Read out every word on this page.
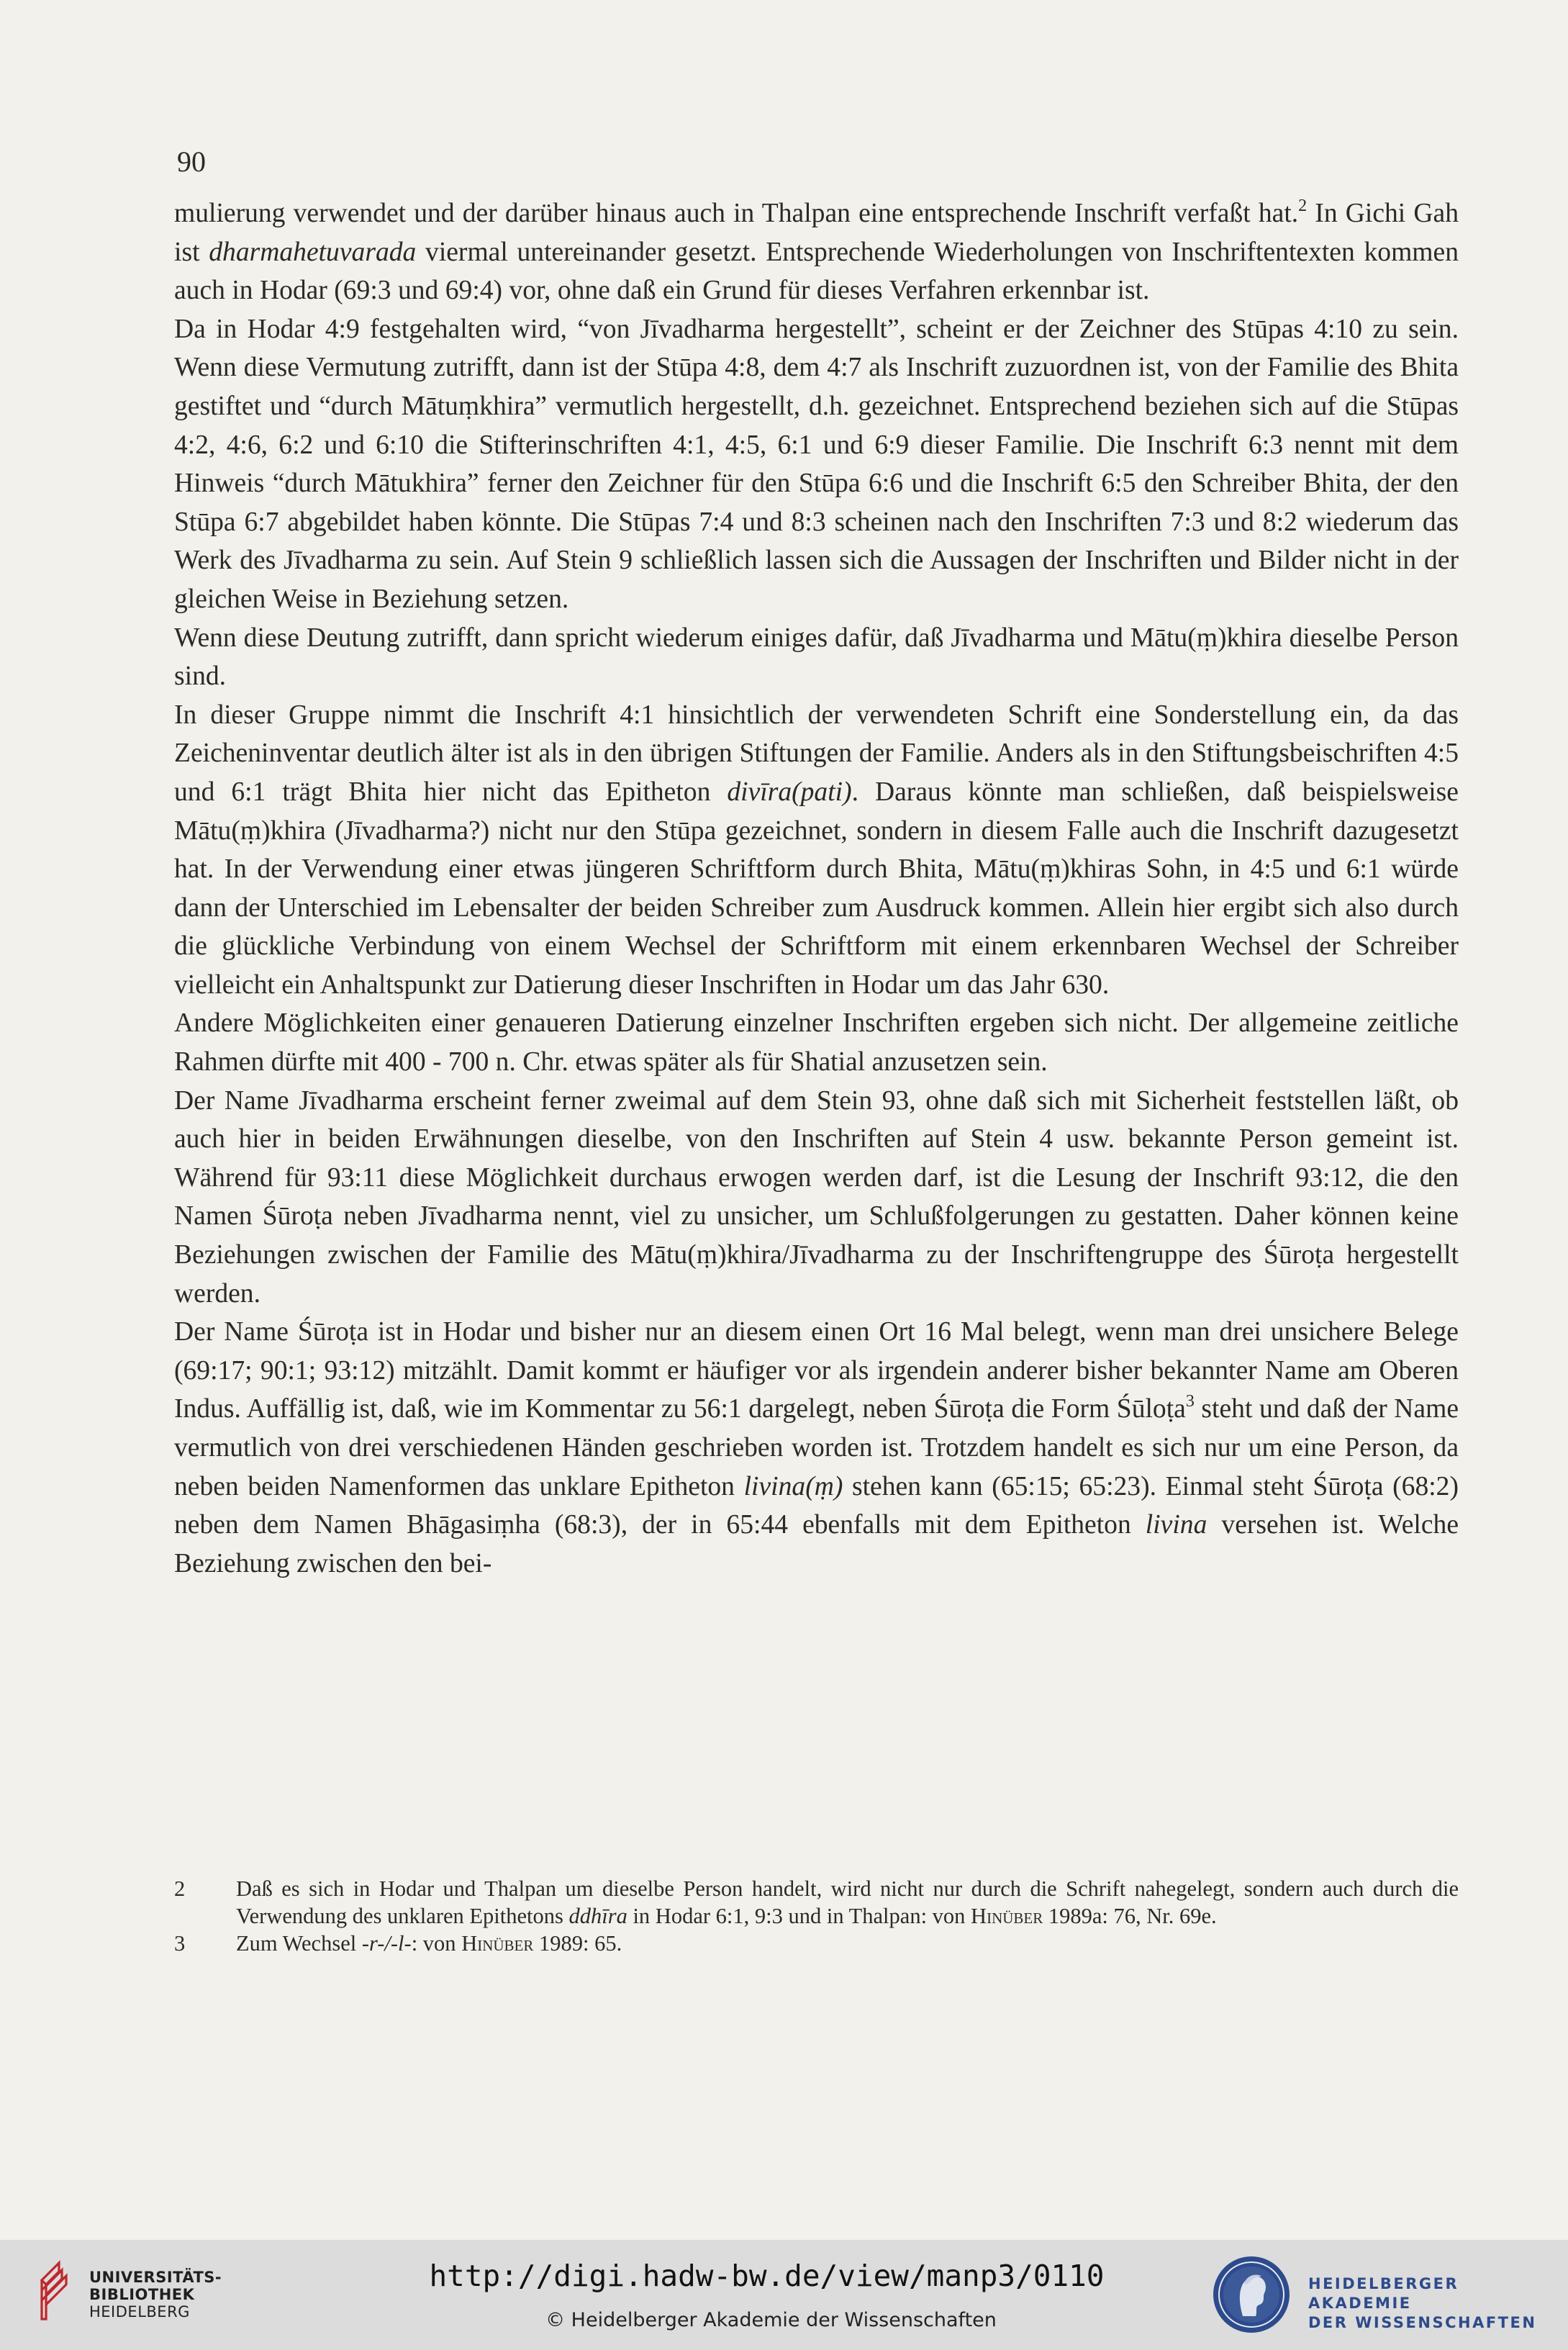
90

mulierung verwendet und der darüber hinaus auch in Thalpan eine entsprechende Inschrift verfaßt hat.$^2$ In Gichi Gah ist dharmahetuvarada viermal untereinander gesetzt. Entsprechende Wiederholungen von Inschriftentexten kommen auch in Hodar (69:3 und 69:4) vor, ohne daß ein Grund für dieses Verfahren erkennbar ist.

Da in Hodar 4:9 festgehalten wird, “von Jīvadharma hergestellt”, scheint er der Zeichner des Stūpas 4:10 zu sein. Wenn diese Vermutung zutrifft, dann ist der Stūpa 4:8, dem 4:7 als Inschrift zuzuordnen ist, von der Familie des Bhita gestiftet und “durch Mātuṃkhira” vermutlich hergestellt, d.h. gezeichnet. Entsprechend beziehen sich auf die Stūpas 4:2, 4:6, 6:2 und 6:10 die Stifterinschriften 4:1, 4:5, 6:1 und 6:9 dieser Familie. Die Inschrift 6:3 nennt mit dem Hinweis “durch Mātukhira” ferner den Zeichner für den Stūpa 6:6 und die Inschrift 6:5 den Schreiber Bhita, der den Stūpa 6:7 abgebildet haben könnte. Die Stūpas 7:4 und 8:3 scheinen nach den Inschriften 7:3 und 8:2 wiederum das Werk des Jīvadharma zu sein. Auf Stein 9 schließlich lassen sich die Aussagen der Inschriften und Bilder nicht in der gleichen Weise in Beziehung setzen.

Wenn diese Deutung zutrifft, dann spricht wiederum einiges dafür, daß Jīvadharma und Mātu(ṃ)khira dieselbe Person sind.

In dieser Gruppe nimmt die Inschrift 4:1 hinsichtlich der verwendeten Schrift eine Sonderstellung ein, da das Zeicheninventar deutlich älter ist als in den übrigen Stiftungen der Familie. Anders als in den Stiftungsbeischriften 4:5 und 6:1 trägt Bhita hier nicht das Epitheton divīra(pati). Daraus könnte man schließen, daß beispielsweise Mātu(ṃ)khira (Jīvadharma?) nicht nur den Stūpa gezeichnet, sondern in diesem Falle auch die Inschrift dazugesetzt hat. In der Verwendung einer etwas jüngeren Schriftform durch Bhita, Mātu(ṃ)khiras Sohn, in 4:5 und 6:1 würde dann der Unterschied im Lebensalter der beiden Schreiber zum Ausdruck kommen. Allein hier ergibt sich also durch die glückliche Verbindung von einem Wechsel der Schriftform mit einem erkennbaren Wechsel der Schreiber vielleicht ein Anhaltspunkt zur Datierung dieser Inschriften in Hodar um das Jahr 630.

Andere Möglichkeiten einer genaueren Datierung einzelner Inschriften ergeben sich nicht. Der allgemeine zeitliche Rahmen dürfte mit 400 - 700 n. Chr. etwas später als für Shatial anzusetzen sein.

Der Name Jīvadharma erscheint ferner zweimal auf dem Stein 93, ohne daß sich mit Sicherheit feststellen läßt, ob auch hier in beiden Erwähnungen dieselbe, von den Inschriften auf Stein 4 usw. bekannte Person gemeint ist. Während für 93:11 diese Möglichkeit durchaus erwogen werden darf, ist die Lesung der Inschrift 93:12, die den Namen Śūroṭa neben Jīvadharma nennt, viel zu unsicher, um Schlußfolgerungen zu gestatten. Daher können keine Beziehungen zwischen der Familie des Mātu(ṃ)khira/Jīvadharma zu der Inschriftengruppe des Śūroṭa hergestellt werden.

Der Name Śūroṭa ist in Hodar und bisher nur an diesem einen Ort 16 Mal belegt, wenn man drei unsichere Belege (69:17; 90:1; 93:12) mitzählt. Damit kommt er häufiger vor als irgendein anderer bisher bekannter Name am Oberen Indus. Auffällig ist, daß, wie im Kommentar zu 56:1 dargelegt, neben Śūroṭa die Form Śūloṭa$^3$ steht und daß der Name vermutlich von drei verschiedenen Händen geschrieben worden ist. Trotzdem handelt es sich nur um eine Person, da neben beiden Namenformen das unklare Epitheton livina(ṃ) stehen kann (65:15; 65:23). Einmal steht Śūroṭa (68:2) neben dem Namen Bhāgasiṃha (68:3), der in 65:44 ebenfalls mit dem Epitheton livina versehen ist. Welche Beziehung zwischen den bei-

2 Daß es sich in Hodar und Thalpan um dieselbe Person handelt, wird nicht nur durch die Schrift nahegelegt, sondern auch durch die Verwendung des unklaren Epithetons ddhīra in Hodar 6:1, 9:3 und in Thalpan: von Hinüber 1989a: 76, Nr. 69e.

3 Zum Wechsel -r-/-l-: von Hinüber 1989: 65.

UNIVERSITÄTS-
BIBLIOTHEK
HEIDELBERG
http://digi.hadw-bw.de/view/manp3/0110
© Heidelberger Akademie der Wissenschaften
HEIDELBERGER AKADEMIE
DER WISSENSCHAFTEN
